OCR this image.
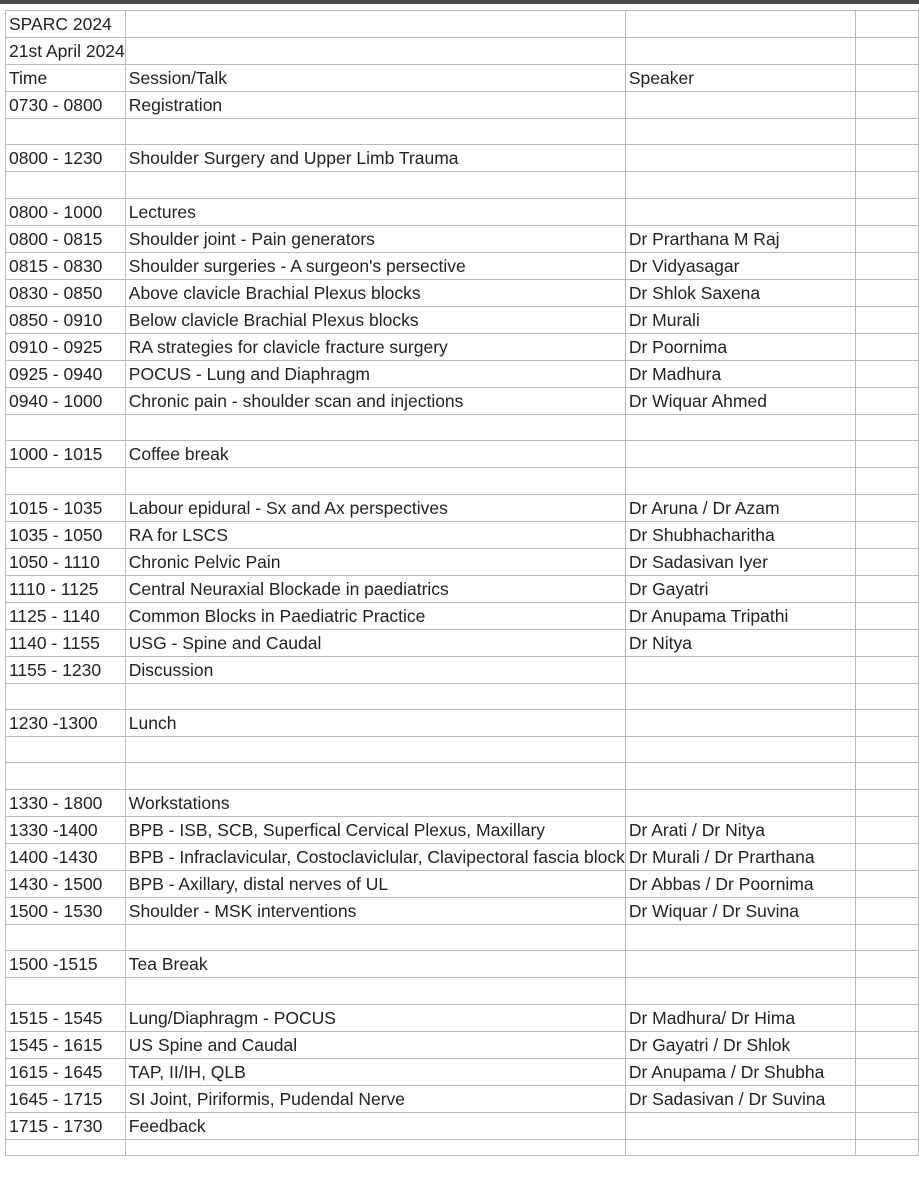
SPARC 2024			
21st April 2024			
Time	Session/Talk	Speaker	
0730 - 0800	Registration		

0800 - 1230	Shoulder Surgery and Upper Limb Trauma		

0800 - 1000	Lectures		
0800 - 0815	Shoulder joint - Pain generators	Dr Prarthana M Raj	
0815 - 0830	Shoulder surgeries - A surgeon's persective	Dr Vidyasagar	
0830 - 0850	Above clavicle Brachial Plexus blocks	Dr Shlok Saxena	
0850 - 0910	Below clavicle Brachial Plexus blocks	Dr Murali	
0910 - 0925	RA strategies for clavicle fracture surgery	Dr Poornima	
0925 - 0940	POCUS - Lung and Diaphragm	Dr Madhura	
0940 - 1000	Chronic pain - shoulder scan and injections	Dr Wiquar Ahmed	

1000 - 1015	Coffee break		

1015 - 1035	Labour epidural - Sx and Ax perspectives	Dr Aruna / Dr Azam	
1035 - 1050	RA for LSCS	Dr Shubhacharitha	
1050 - 1110	Chronic Pelvic Pain	Dr Sadasivan Iyer	
1110 - 1125	Central Neuraxial Blockade in paediatrics	Dr Gayatri	
1125 - 1140	Common Blocks in Paediatric Practice	Dr Anupama Tripathi	
1140 - 1155	USG - Spine and Caudal	Dr Nitya	
1155 - 1230	Discussion		

1230 -1300	Lunch		

1330 - 1800	Workstations		
1330 -1400	BPB - ISB, SCB, Superfical Cervical Plexus, Maxillary	Dr Arati / Dr Nitya	
1400 -1430	BPB - Infraclavicular, Costoclaviclular, Clavipectoral fascia block	Dr Murali / Dr Prarthana	
1430 - 1500	BPB - Axillary, distal nerves of UL	Dr Abbas / Dr Poornima	
1500 - 1530	Shoulder - MSK interventions	Dr Wiquar / Dr Suvina	

1500 -1515	Tea Break		

1515 - 1545	Lung/Diaphragm - POCUS	Dr Madhura/ Dr Hima	
1545 - 1615	US Spine and Caudal	Dr Gayatri / Dr Shlok	
1615 - 1645	TAP, II/IH, QLB	Dr Anupama / Dr Shubha	
1645 - 1715	SI Joint, Piriformis, Pudendal Nerve	Dr Sadasivan / Dr Suvina	
1715 - 1730	Feedback		
